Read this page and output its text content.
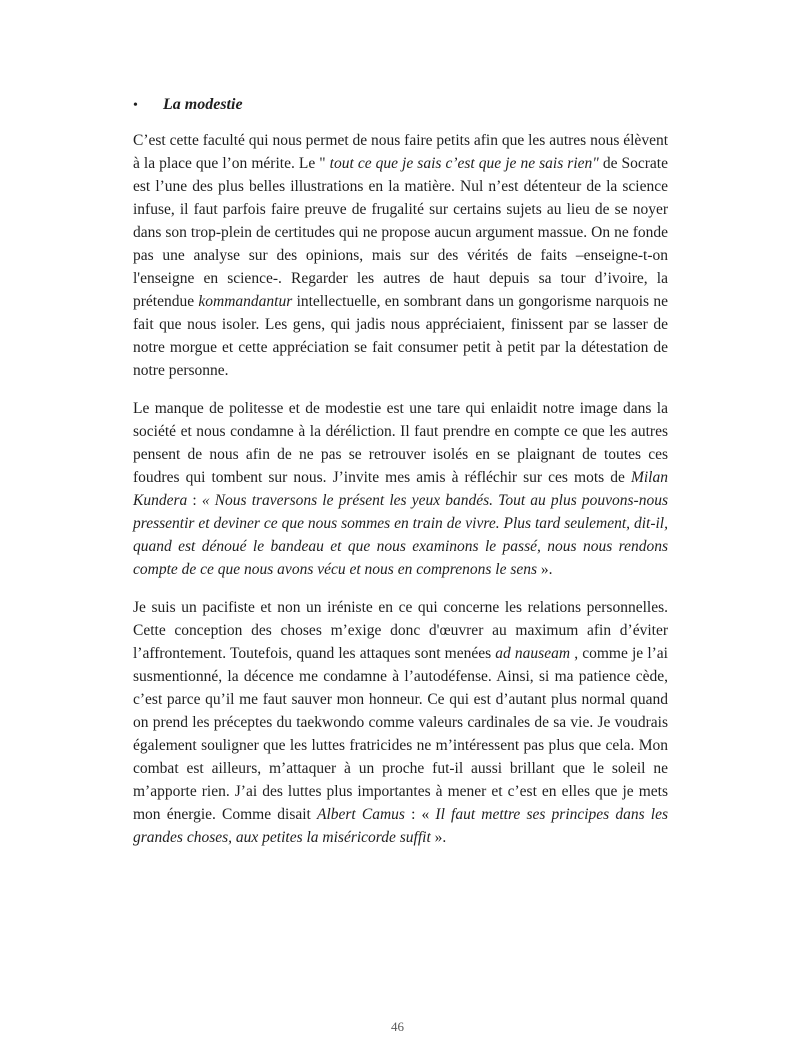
•	La modestie

C’est cette faculté qui nous permet de nous faire petits afin que les autres nous élèvent à la place que l’on mérite. Le " tout ce que je sais c’est que je ne sais rien" de Socrate est l’une des plus belles illustrations en la matière. Nul n’est détenteur de la science infuse, il faut parfois faire preuve de frugalité sur certains sujets au lieu de se noyer dans son trop-plein de certitudes qui ne propose aucun argument massue. On ne fonde pas une analyse sur des opinions, mais sur des vérités de faits –enseigne-t-on l'enseigne en science-. Regarder les autres de haut depuis sa tour d’ivoire, la prétendue kommandantur intellectuelle, en sombrant dans un gongorisme narquois ne fait que nous isoler. Les gens, qui jadis nous appréciaient, finissent par se lasser de notre morgue et cette appréciation se fait consumer petit à petit par la détestation de notre personne.

Le manque de politesse et de modestie est une tare qui enlaidit notre image dans la société et nous condamne à la déréliction. Il faut prendre en compte ce que les autres pensent de nous afin de ne pas se retrouver isolés en se plaignant de toutes ces foudres qui tombent sur nous. J’invite mes amis à réfléchir sur ces mots de Milan Kundera : « Nous traversons le présent les yeux bandés. Tout au plus pouvons-nous pressentir et deviner ce que nous sommes en train de vivre. Plus tard seulement, dit-il, quand est dénoué le bandeau et que nous examinons le passé, nous nous rendons compte de ce que nous avons vécu et nous en comprenons le sens ».

Je suis un pacifiste et non un iréniste en ce qui concerne les relations personnelles. Cette conception des choses m’exige donc d'œuvrer au maximum afin d’éviter l’affrontement. Toutefois, quand les attaques sont menées ad nauseam , comme je l’ai susmentionné, la décence me condamne à l’autodéfense. Ainsi, si ma patience cède, c’est parce qu’il me faut sauver mon honneur. Ce qui est d’autant plus normal quand on prend les préceptes du taekwondo comme valeurs cardinales de sa vie. Je voudrais également souligner que les luttes fratricides ne m’intéressent pas plus que cela. Mon combat est ailleurs, m’attaquer à un proche fut-il aussi brillant que le soleil ne m’apporte rien. J’ai des luttes plus importantes à mener et c’est en elles que je mets mon énergie. Comme disait Albert Camus : « Il faut mettre ses principes dans les grandes choses, aux petites la miséricorde suffit ».

46
